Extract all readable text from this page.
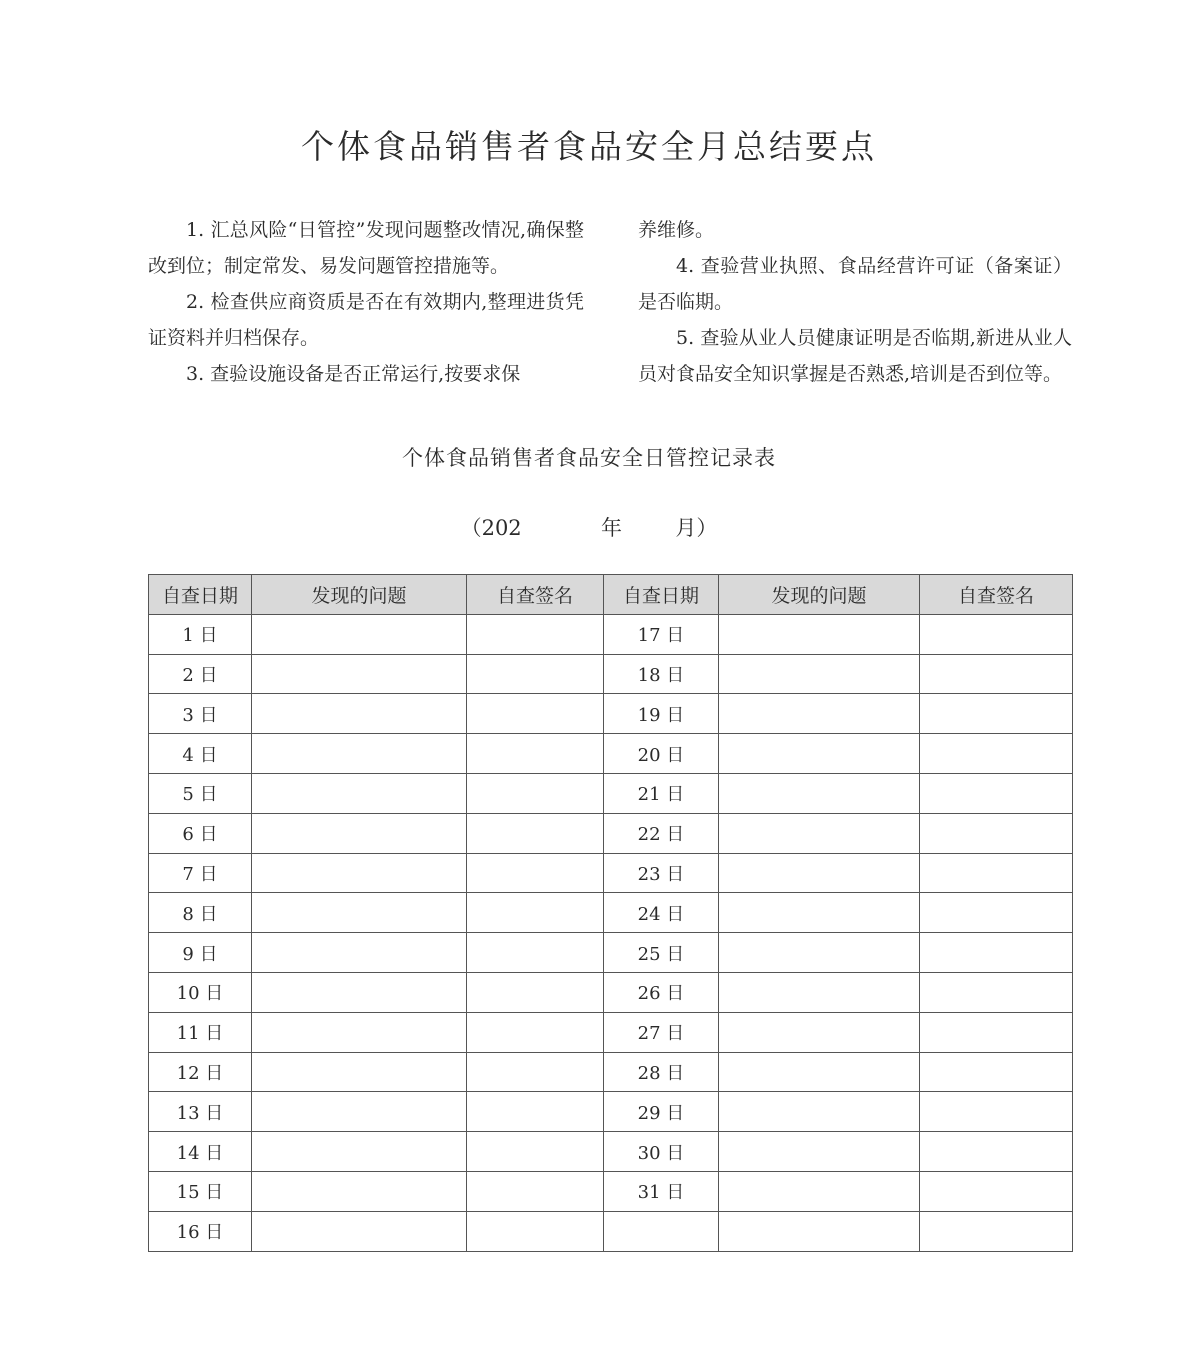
个体食品销售者食品安全月总结要点

1. 汇总风险“日管控”发现问题整改情况,确保整改到位；制定常发、易发问题管控措施等。

2. 检查供应商资质是否在有效期内,整理进货凭证资料并归档保存。

3. 查验设施设备是否正常运行,按要求保

养维修。

4. 查验营业执照、食品经营许可证（备案证）是否临期。

5. 查验从业人员健康证明是否临期,新进从业人员对食品安全知识掌握是否熟悉,培训是否到位等。

个体食品销售者食品安全日管控记录表
（202	年	月）
自查日期	发现的问题	自查签名	自查日期	发现的问题	自查签名
1 日			17 日		
2 日			18 日		
3 日			19 日		
4 日			20 日		
5 日			21 日		
6 日			22 日		
7 日			23 日		
8 日			24 日		
9 日			25 日		
10 日			26 日		
11 日			27 日		
12 日			28 日		
13 日			29 日		
14 日			30 日		
15 日			31 日		
16 日					
